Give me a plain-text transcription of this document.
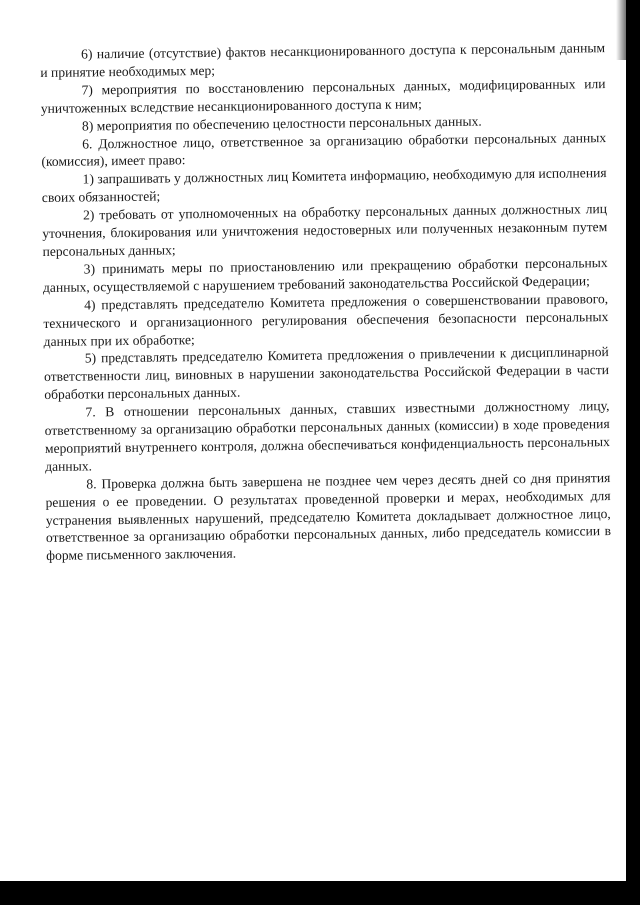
6) наличие (отсутствие) фактов несанкционированного доступа к персональным данным и принятие необходимых мер;

7) мероприятия по восстановлению персональных данных, модифицированных или уничтоженных вследствие несанкционированного доступа к ним;

8) мероприятия по обеспечению целостности персональных данных.

6. Должностное лицо, ответственное за организацию обработки персональных данных (комиссия), имеет право:

1) запрашивать у должностных лиц Комитета информацию, необходимую для исполнения своих обязанностей;

2) требовать от уполномоченных на обработку персональных данных должностных лиц уточнения, блокирования или уничтожения недостоверных или полученных незаконным путем персональных данных;

3) принимать меры по приостановлению или прекращению обработки персональных данных, осуществляемой с нарушением требований законодательства Российской Федерации;

4) представлять председателю Комитета предложения о совершенствовании правового, технического и организационного регулирования обеспечения безопасности персональных данных при их обработке;

5) представлять председателю Комитета предложения о привлечении к дисциплинарной ответственности лиц, виновных в нарушении законодательства Российской Федерации в части обработки персональных данных.

7. В отношении персональных данных, ставших известными должностному лицу, ответственному за организацию обработки персональных данных (комиссии) в ходе проведения мероприятий внутреннего контроля, должна обеспечиваться конфиденциальность персональных данных.

8. Проверка должна быть завершена не позднее чем через десять дней со дня принятия решения о ее проведении. О результатах проведенной проверки и мерах, необходимых для устранения выявленных нарушений, председателю Комитета докладывает должностное лицо, ответственное за организацию обработки персональных данных, либо председатель комиссии в форме письменного заключения.
